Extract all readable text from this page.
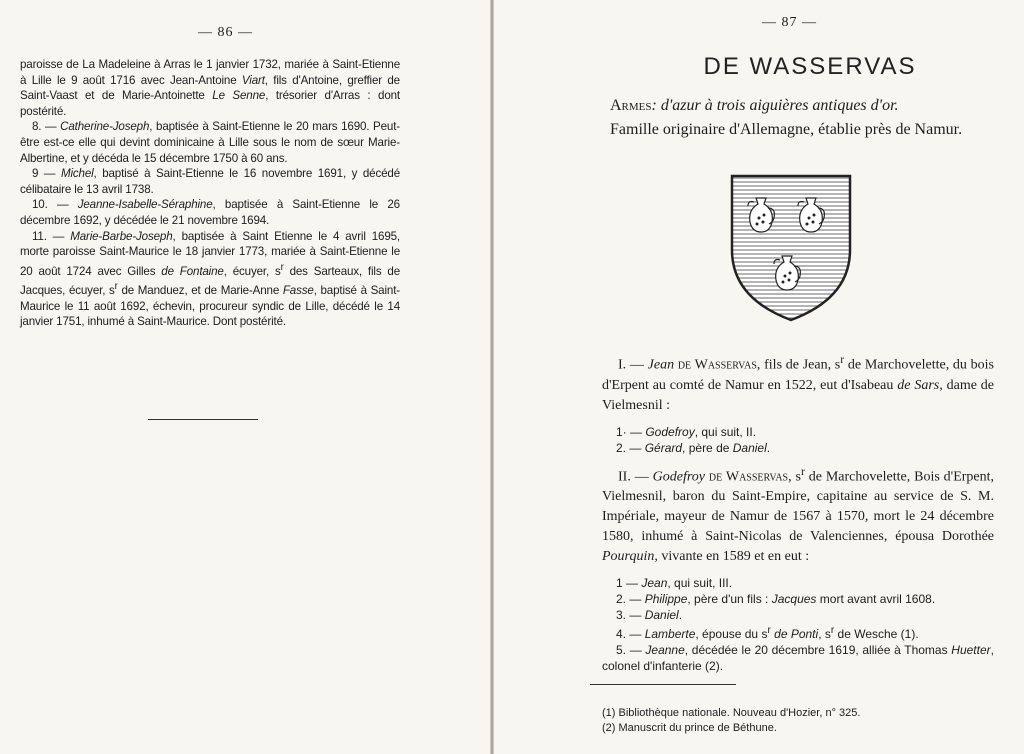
— 86 —

paroisse de La Madeleine à Arras le 1 janvier 1732, mariée à Saint-Etienne à Lille le 9 août 1716 avec Jean-Antoine Viart, fils d'Antoine, greffier de Saint-Vaast et de Marie-Antoinette Le Senne, trésorier d'Arras : dont postérité.

8. — Catherine-Joseph, baptisée à Saint-Etienne le 20 mars 1690. Peut-être est-ce elle qui devint dominicaine à Lille sous le nom de sœur Marie-Albertine, et y décéda le 15 décembre 1750 à 60 ans.

9 — Michel, baptisé à Saint-Etienne le 16 novembre 1691, y décédé célibataire le 13 avril 1738.

10. — Jeanne-Isabelle-Séraphine, baptisée à Saint-Etienne le 26 décembre 1692, y décédée le 21 novembre 1694.

11. — Marie-Barbe-Joseph, baptisée à Saint Etienne le 4 avril 1695, morte paroisse Saint-Maurice le 18 janvier 1773, mariée à Saint-Etienne le 20 août 1724 avec Gilles de Fontaine, écuyer, $s^r$ des Sarteaux, fils de Jacques, écuyer, $s^r$ de Manduez, et de Marie-Anne Fasse, baptisé à Saint-Maurice le 11 août 1692, échevin, procureur syndic de Lille, décédé le 14 janvier 1751, inhumé à Saint-Maurice. Dont postérité.

— 87 —
DE WASSERVAS
Armes: d'azur à trois aiguières antiques d'or.
Famille originaire d'Allemagne, établie près de Namur.

I. — Jean de Wasservas, fils de Jean, $s^r$ de Marchovelette, du bois d'Erpent au comté de Namur en 1522, eut d'Isabeau de Sars, dame de Vielmesnil :

1· — Godefroy, qui suit, II.

2. — Gérard, père de Daniel.

II. — Godefroy de Wasservas, $s^r$ de Marchovelette, Bois d'Erpent, Vielmesnil, baron du Saint-Empire, capitaine au service de S. M. Impériale, mayeur de Namur de 1567 à 1570, mort le 24 décembre 1580, inhumé à Saint-Nicolas de Valenciennes, épousa Dorothée Pourquin, vivante en 1589 et en eut :

1 — Jean, qui suit, III.

2. — Philippe, père d'un fils : Jacques mort avant avril 1608.

3. — Daniel.

4. — Lamberte, épouse du $s^r$ de Ponti, $s^r$ de Wesche (1).

5. — Jeanne, décédée le 20 décembre 1619, alliée à Thomas Huetter, colonel d'infanterie (2).

(1) Bibliothèque nationale. Nouveau d'Hozier, n° 325.

(2) Manuscrit du prince de Béthune.
